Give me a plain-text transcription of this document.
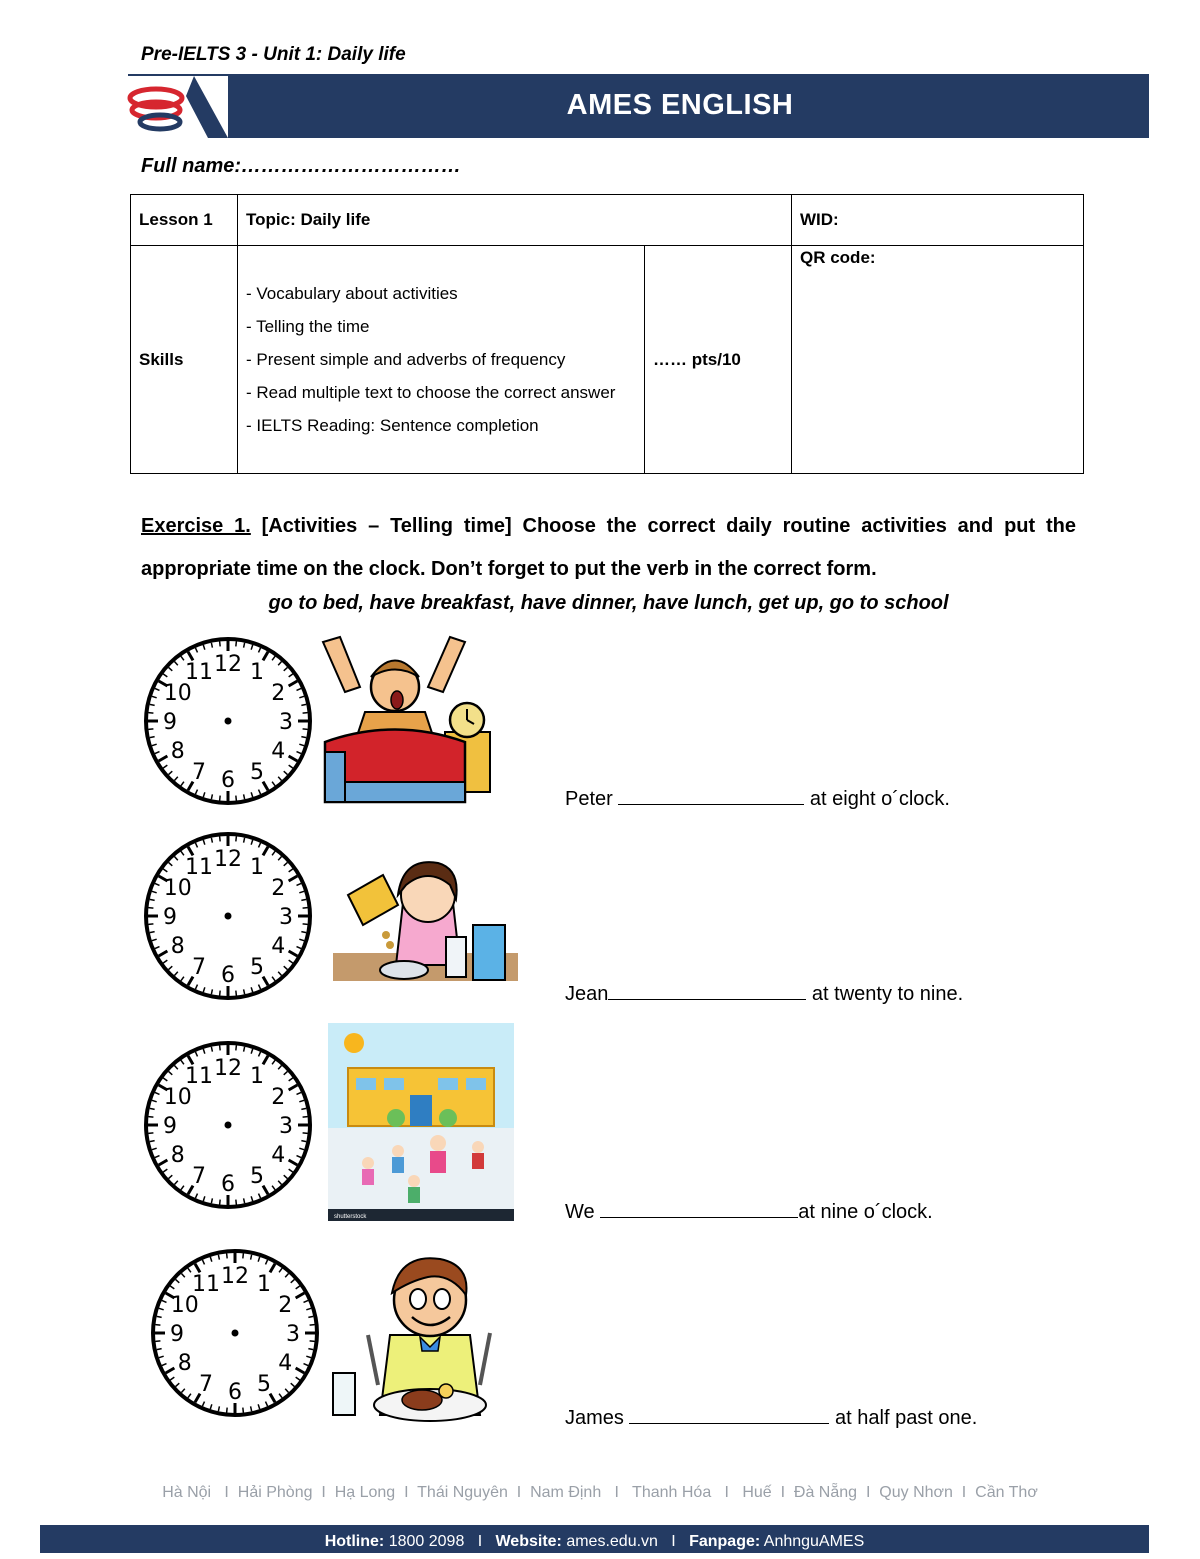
Pre-IELTS 3 - Unit 1: Daily life
AMES ENGLISH
Full name:……………………………
Lesson 1	Topic: Daily life		WID:
Skills	- Vocabulary about activities
- Telling the time
- Present simple and adverbs of frequency
- Read multiple text to choose the correct answer
- IELTS Reading: Sentence completion	…… pts/10	QR code:
Exercise 1. [Activities – Telling time] Choose the correct daily routine activities and put the appropriate time on the clock. Don’t forget to put the verb in the correct form.
go to bed, have breakfast, have dinner, have lunch, get up, go to school
12 1
2
3
4
5
6
7
8
9
10
11
12 1
2
3
4
5
6
7
8
9
10
11
12 1
2
3
4
5
6
7
8
9
10
11
12 1
2
3
4
5
6
7
8
9
10
11
shutterstock
Peter	at eight o´clock.
Jean	at twenty to nine.
We	at nine o´clock.
James	at half past one.
Hà Nội   I  Hải Phòng  I  Hạ Long  I  Thái Nguyên  I  Nam Định   I   Thanh Hóa   I   Huế  I  Đà Nẵng  I  Quy Nhơn  I  Cần Thơ
Hotline: 1800 2098 I Website: ames.edu.vn I Fanpage: AnhnguAMES
